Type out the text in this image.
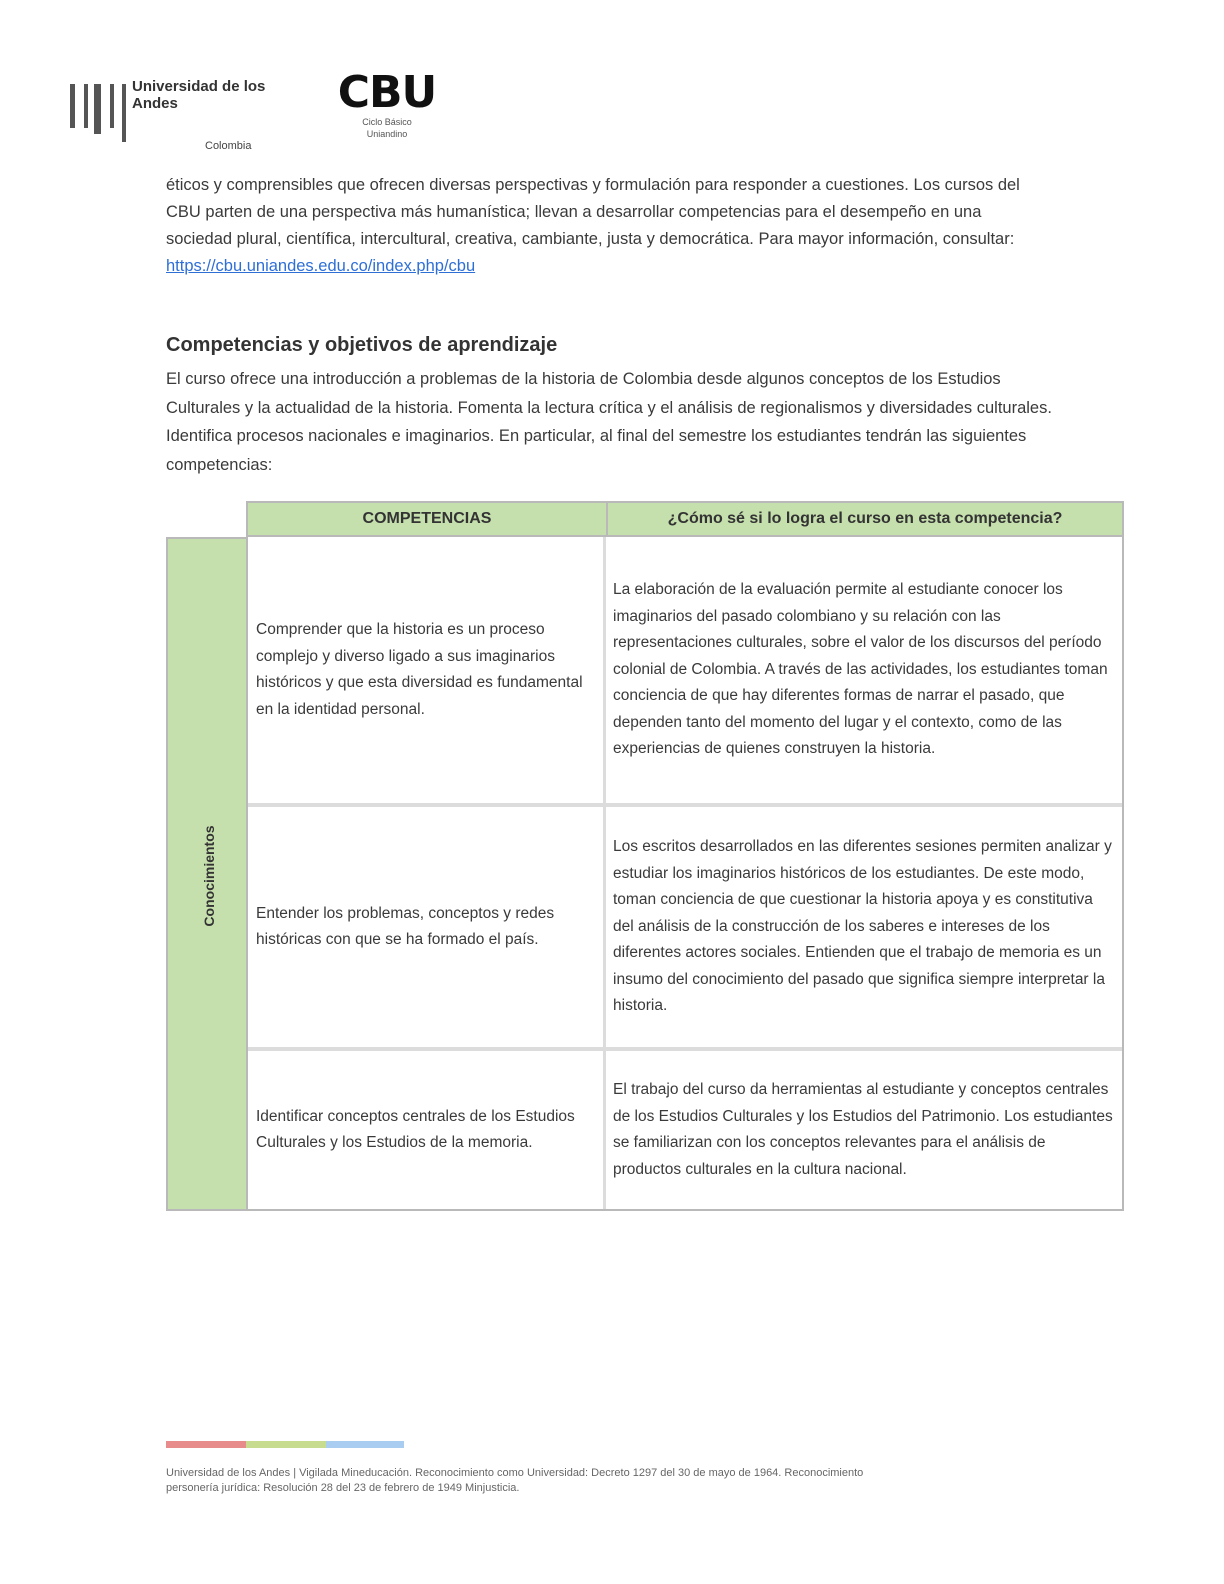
Universidad de los Andes
Colombia
CBU
Ciclo Básico
Uniandino
éticos y comprensibles que ofrecen diversas perspectivas y formulación para responder a cuestiones. Los cursos del CBU parten de una perspectiva más humanística; llevan a desarrollar competencias para el desempeño en una sociedad plural, científica, intercultural, creativa, cambiante, justa y democrática. Para mayor información, consultar:
https://cbu.uniandes.edu.co/index.php/cbu
Competencias y objetivos de aprendizaje
El curso ofrece una introducción a problemas de la historia de Colombia desde algunos conceptos de los Estudios Culturales y la actualidad de la historia. Fomenta la lectura crítica y el análisis de regionalismos y diversidades culturales. Identifica procesos nacionales e imaginarios. En particular, al final del semestre los estudiantes tendrán las siguientes competencias:
COMPETENCIAS	¿Cómo sé si lo logra el curso en esta competencia?
Conocimientos
Comprender que la historia es un proceso complejo y diverso ligado a sus imaginarios históricos y que esta diversidad es fundamental en la identidad personal.
La elaboración de la evaluación permite al estudiante conocer los imaginarios del pasado colombiano y su relación con las representaciones culturales, sobre el valor de los discursos del período colonial de Colombia. A través de las actividades, los estudiantes toman conciencia de que hay diferentes formas de narrar el pasado, que dependen tanto del momento del lugar y el contexto, como de las experiencias de quienes construyen la historia.
Entender los problemas, conceptos y redes históricas con que se ha formado el país.
Los escritos desarrollados en las diferentes sesiones permiten analizar y estudiar los imaginarios históricos de los estudiantes. De este modo, toman conciencia de que cuestionar la historia apoya y es constitutiva del análisis de la construcción de los saberes e intereses de los diferentes actores sociales. Entienden que el trabajo de memoria es un insumo del conocimiento del pasado que significa siempre interpretar la historia.
Identificar conceptos centrales de los Estudios Culturales y los Estudios de la memoria.
El trabajo del curso da herramientas al estudiante y conceptos centrales de los Estudios Culturales y los Estudios del Patrimonio. Los estudiantes se familiarizan con los conceptos relevantes para el análisis de productos culturales en la cultura nacional.
Universidad de los Andes | Vigilada Mineducación. Reconocimiento como Universidad: Decreto 1297 del 30 de mayo de 1964. Reconocimiento personería jurídica: Resolución 28 del 23 de febrero de 1949 Minjusticia.
